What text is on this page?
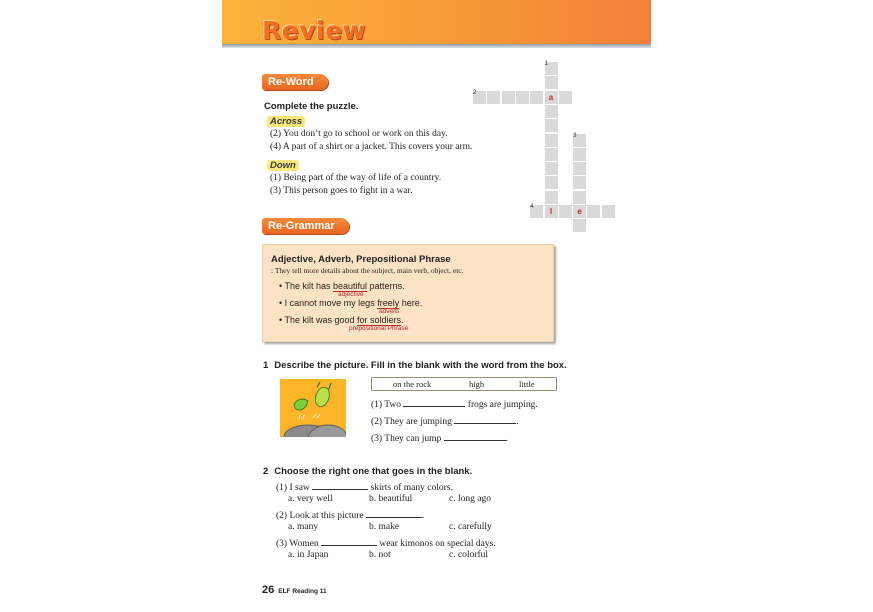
Review
Re-Word
Complete the puzzle.
Across
(2) You don’t go to school or work on this day.
(4) A part of a shirt or a jacket. This covers your arm.
Down
(1) Being part of the way of life of a country.
(3) This person goes to fight in a war.
1
a
l
2
3
e
4
Re-Grammar
Adjective, Adverb, Prepositional Phrase
: They tell more details about the subject, main verb, object, etc.
• The kilt has beautiful patterns.
adjective
• I cannot move my legs freely here.
adverb
• The kilt was good for soldiers.
prepositional Phrase
1 Describe the picture. Fill in the blank with the word from the box.
on the rock	high	little
(1) Two	frogs are jumping.
(2) They are jumping	.
(3) They can jump	.
2 Choose the right one that goes in the blank.
(1) I saw	skirts of many colors.
a. very well	b. beautiful	c. long ago
(2) Look at this picture	.
a. many	b. make	c. carefully
(3) Women	wear kimonos on special days.
a. in Japan	b. not	c. colorful
26 ELF Reading 11
